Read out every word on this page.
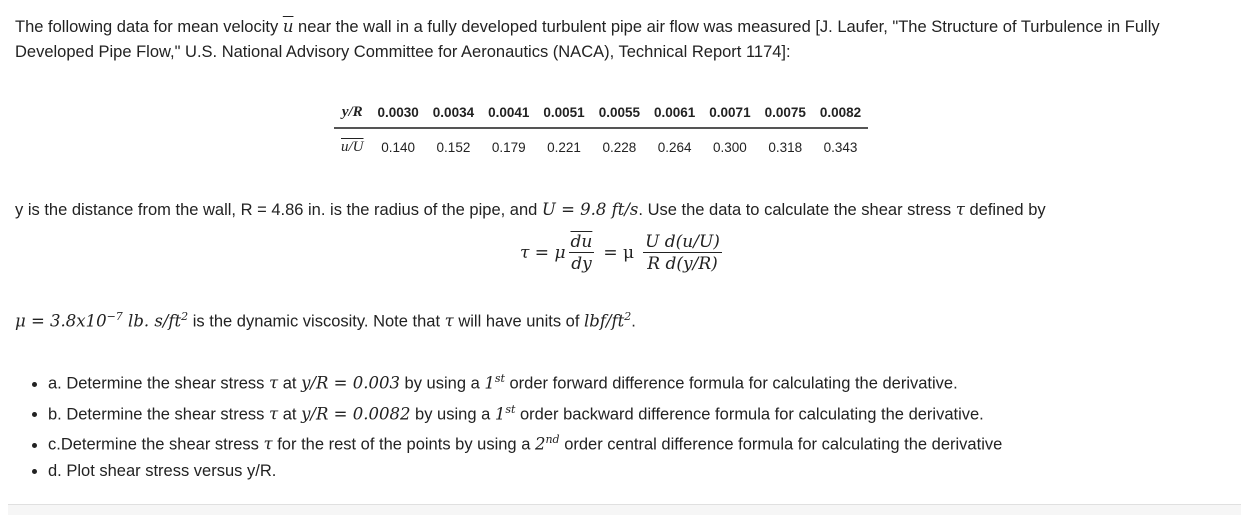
The following data for mean velocity $\overline{u}$ near the wall in a fully developed turbulent pipe air flow was measured [J. Laufer, "The Structure of Turbulence in Fully Developed Pipe Flow," U.S. National Advisory Committee for Aeronautics (NACA), Technical Report 1174]:
y/R	0.0030	0.0034	0.0041	0.0051	0.0055	0.0061	0.0071	0.0075	0.0082
u/U	0.140	0.152	0.179	0.221	0.228	0.264	0.300	0.318	0.343
y is the distance from the wall, R = 4.86 in. is the radius of the pipe, and U = 9.8 ft/s. Use the data to calculate the shear stress τ defined by
τ = μ $\frac{\overline{du}}{dy} = \mu \frac{\text{U d(u/U)}}{\text{R d(y/R)}}$
$\mu = 3.8x10^{-7}$ lb. $s/ft^2$ is the dynamic viscosity. Note that τ will have units of lbf/$ft^2$.
• a. Determine the shear stress τ at y/R = 0.003 by using a 1st order forward difference formula for calculating the derivative.
• b. Determine the shear stress τ at y/R = 0.0082 by using a 1st order backward difference formula for calculating the derivative.
• c.Determine the shear stress τ for the rest of the points by using a 2nd order central difference formula for calculating the derivative
• d. Plot shear stress versus y/R.
